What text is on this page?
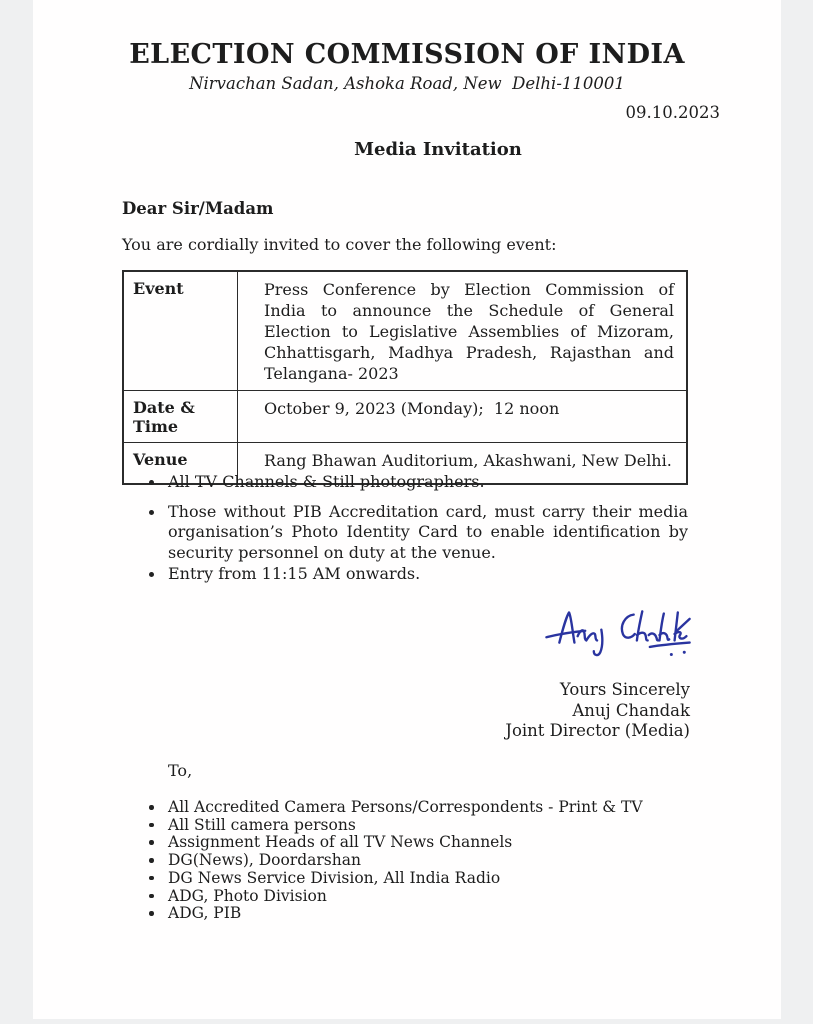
ELECTION COMMISSION OF INDIA
Nirvachan Sadan, Ashoka Road, New  Delhi-110001
09.10.2023
Media Invitation
Dear Sir/Madam
You are cordially invited to cover the following event:
Event	Press Conference by Election Commission of India to announce the Schedule of General Election to Legislative Assemblies of Mizoram, Chhattisgarh, Madhya Pradesh, Rajasthan and Telangana- 2023
Date & Time
October 9, 2023 (Monday);  12 noon
Venue	Rang Bhawan Auditorium, Akashwani, New Delhi.
All TV Channels & Still photographers.
Those without PIB Accreditation card, must carry their media organisation’s Photo Identity Card to enable identification by security personnel on duty at the venue.
Entry from 11:15 AM onwards.
Yours Sincerely
Anuj Chandak
Joint Director (Media)
To,
All Accredited Camera Persons/Correspondents - Print & TV
All Still camera persons
Assignment Heads of all TV News Channels
DG(News), Doordarshan
DG News Service Division, All India Radio
ADG, Photo Division
ADG, PIB
